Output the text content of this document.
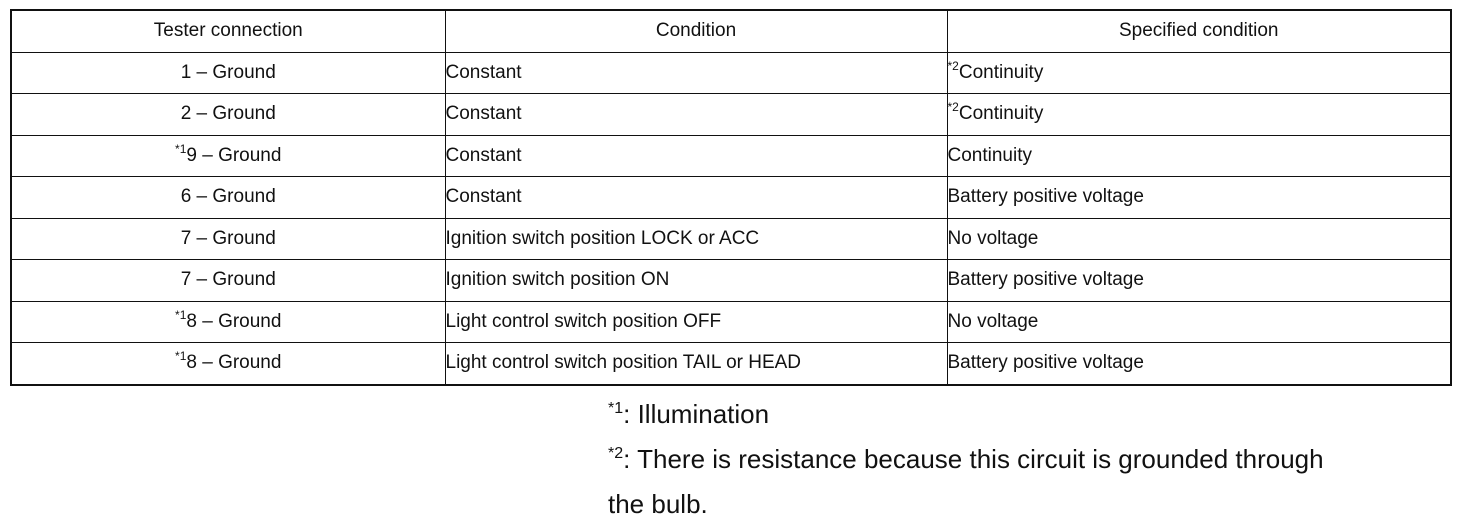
Tester connection	Condition	Specified condition
1 – Ground	Constant	$^{*2}$Continuity
2 – Ground	Constant	$^{*2}$Continuity
$^{*1}$9 – Ground	Constant	Continuity
6 – Ground	Constant	Battery positive voltage
7 – Ground	Ignition switch position LOCK or ACC	No voltage
7 – Ground	Ignition switch position ON	Battery positive voltage
$^{*1}$8 – Ground	Light control switch position OFF	No voltage
$^{*1}$8 – Ground	Light control switch position TAIL or HEAD	Battery positive voltage
$^{*1}$: Illumination
$^{*2}$: There is resistance because this circuit is grounded through
the bulb.
